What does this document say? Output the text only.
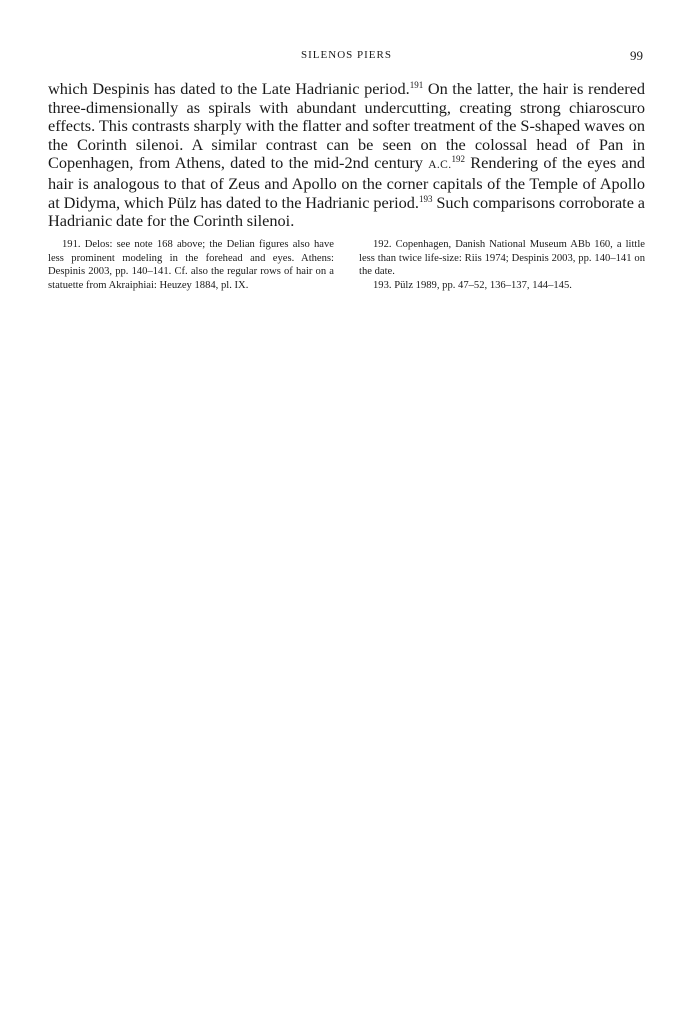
SILENOS PIERS	99

which Despinis has dated to the Late Hadrianic period.$^{191}$ On the latter, the hair is rendered three-dimensionally as spirals with abundant undercutting, creating strong chiaroscuro effects. This contrasts sharply with the flatter and softer treatment of the S-shaped waves on the Corinth silenoi. A similar contrast can be seen on the colossal head of Pan in Copenhagen, from Athens, dated to the mid-2nd century A.C.$^{192}$ Rendering of the eyes and hair is analogous to that of Zeus and Apollo on the corner capitals of the Temple of Apollo at Didyma, which Pülz has dated to the Hadrianic period.$^{193}$ Such comparisons corroborate a Hadrianic date for the Corinth silenoi.

191. Delos: see note 168 above; the Delian figures also have less prominent modeling in the forehead and eyes. Athens: Despinis 2003, pp. 140–141. Cf. also the regular rows of hair on a statuette from Akraiphiai: Heuzey 1884, pl. IX.

192. Copenhagen, Danish National Museum ABb 160, a little less than twice life-size: Riis 1974; Despinis 2003, pp. 140–141 on the date.

193. Pülz 1989, pp. 47–52, 136–137, 144–145.
